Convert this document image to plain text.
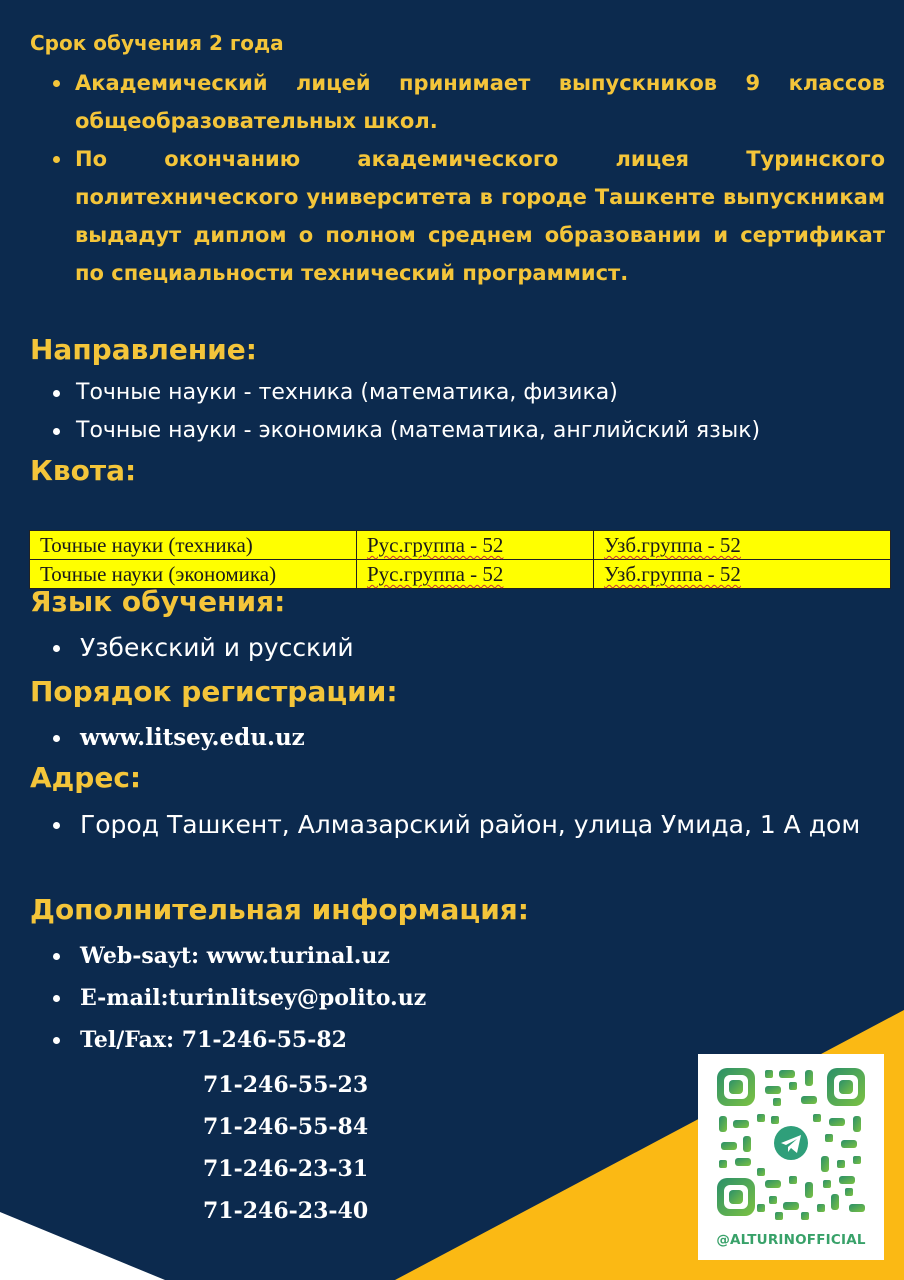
Срок обучения 2 года
Академический лицей принимает выпускников 9 классов общеобразовательных школ.
По окончанию академического лицея Туринского политехнического университета в городе Ташкенте выпускникам выдадут диплом о полном среднем образовании и сертификат по специальности технический программист.
Направление:
Точные науки - техника (математика, физика)
Точные науки - экономика (математика, английский язык)
Квота:
Точные науки (техника)	Рус.группа - 52	Узб.группа - 52
Точные науки (экономика)	Рус.группа - 52	Узб.группа - 52
Язык обучения:
Узбекский и русский
Порядок регистрации:
www.litsey.edu.uz
Адрес:
Город Ташкент, Алмазарский район, улица Умида, 1 А дом
Дополнительная информация:
Web-sayt: www.turinal.uz
E-mail:turinlitsey@polito.uz
Tel/Fax: 71-246-55-82
71-246-55-23
71-246-55-84
71-246-23-31
71-246-23-40
@ALTURINOFFICIAL
